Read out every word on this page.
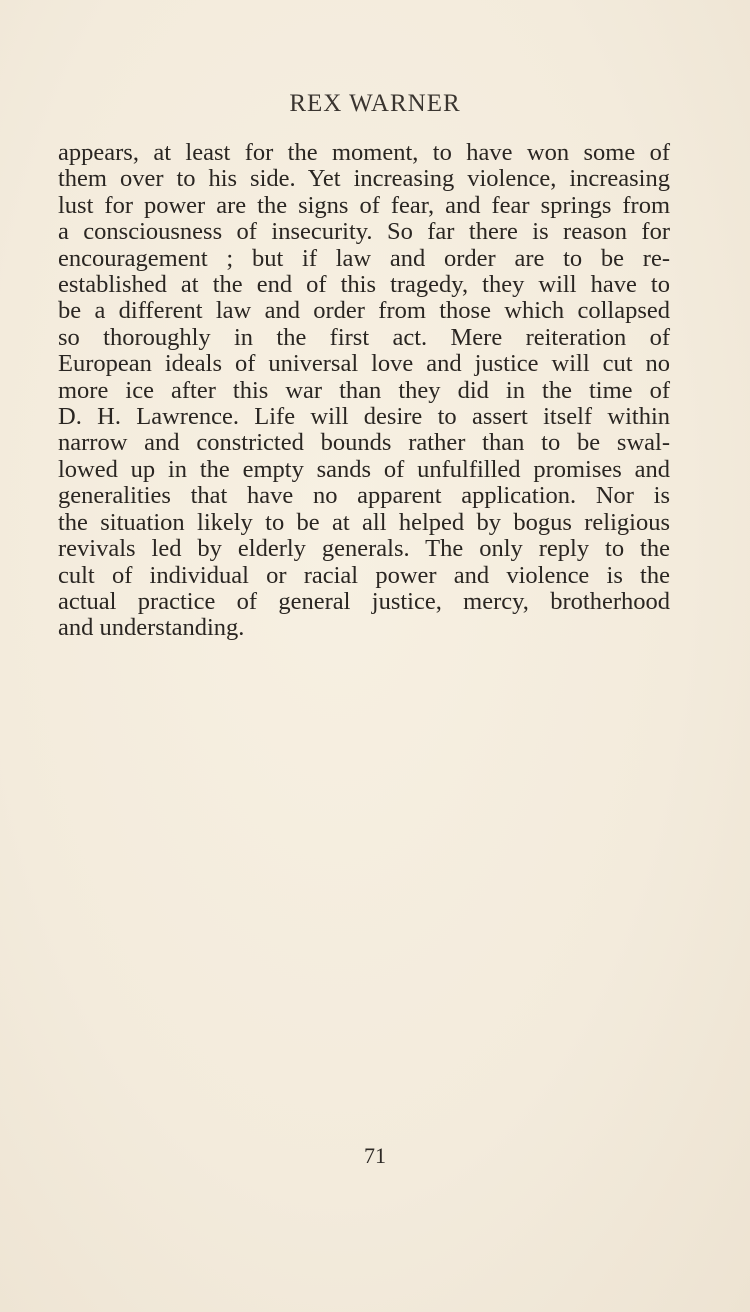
REX WARNER
appears, at least for the moment, to have won some of
them over to his side. Yet increasing violence, increasing
lust for power are the signs of fear, and fear springs from
a consciousness of insecurity. So far there is reason for
encouragement ; but if law and order are to be re-
established at the end of this tragedy, they will have to
be a different law and order from those which collapsed
so thoroughly in the first act. Mere reiteration of
European ideals of universal love and justice will cut no
more ice after this war than they did in the time of
D. H. Lawrence. Life will desire to assert itself within
narrow and constricted bounds rather than to be swal-
lowed up in the empty sands of unfulfilled promises and
generalities that have no apparent application. Nor is
the situation likely to be at all helped by bogus religious
revivals led by elderly generals. The only reply to the
cult of individual or racial power and violence is the
actual practice of general justice, mercy, brotherhood
and understanding.
71
